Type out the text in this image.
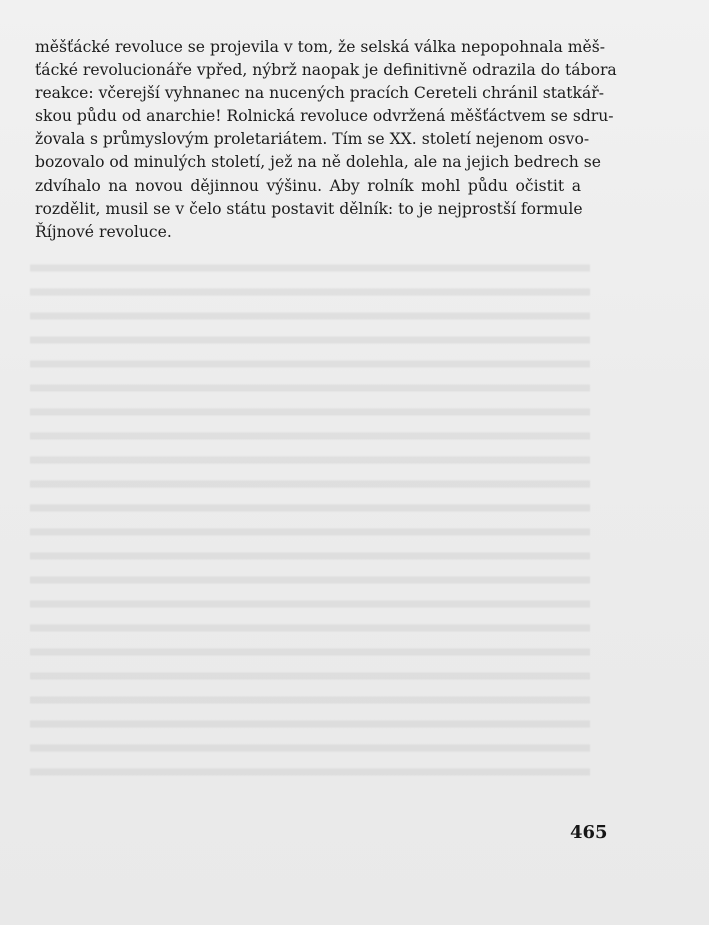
měšťácké revoluce se projevila v tom, že selská válka nepopohnala měš-
ťácké revolucionáře vpřed, nýbrž naopak je definitivně odrazila do tábora
reakce: včerejší vyhnanec na nucených pracích Cereteli chránil statkář-
skou půdu od anarchie! Rolnická revoluce odvržená měšťáctvem se sdru-
žovala s průmyslovým proletariátem. Tím se XX. století nejenom osvo-
bozovalo od minulých století, jež na ně dolehla, ale na jejich bedrech se
zdvíhalo na novou dějinnou výšinu. Aby rolník mohl půdu očistit a
rozdělit, musil se v čelo státu postavit dělník: to je nejprostší formule
Říjnové revoluce.
465
